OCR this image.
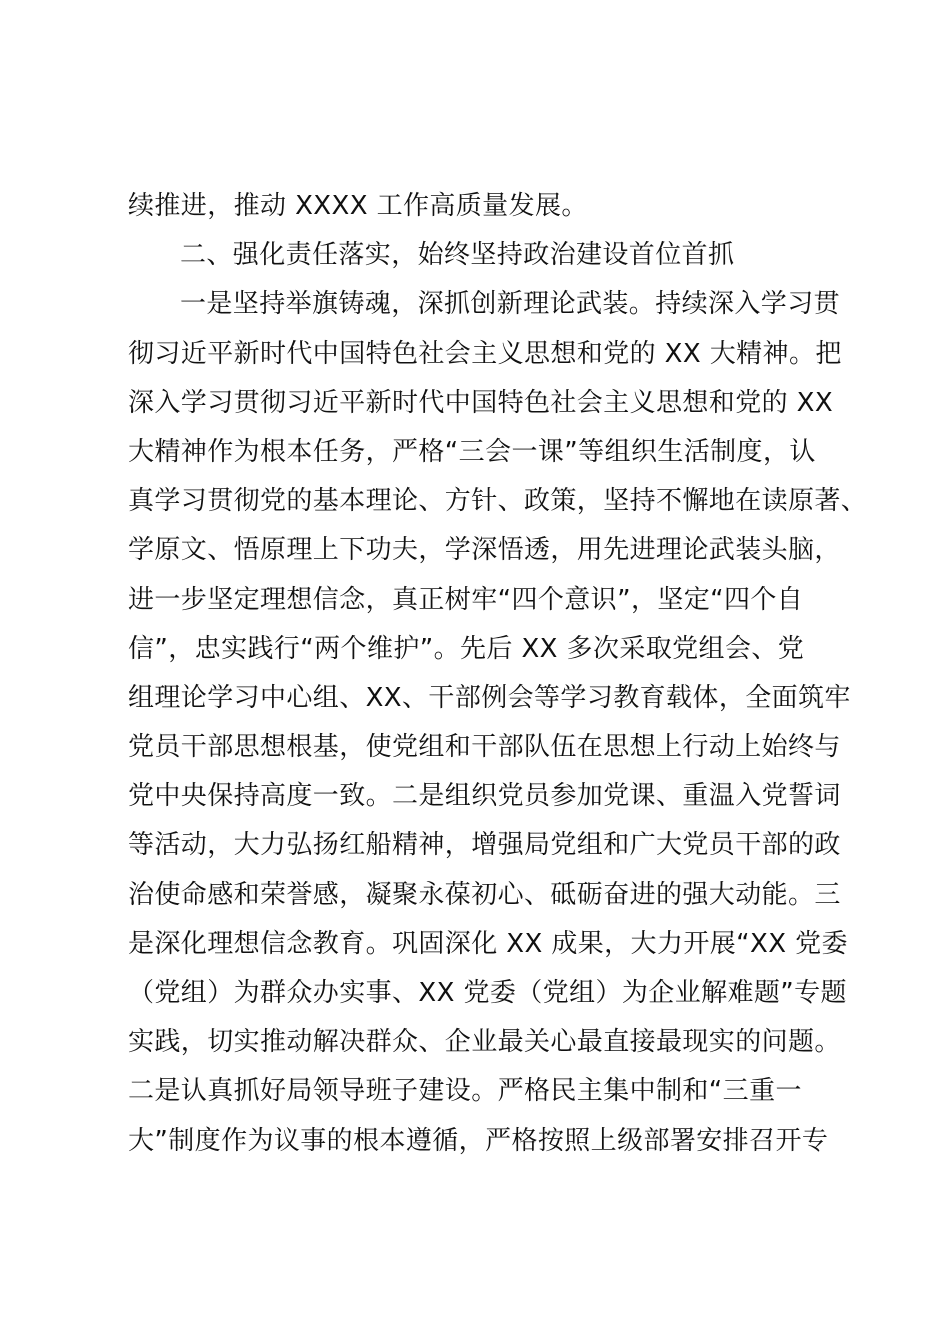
续推进，推动 XXXX 工作高质量发展。
二、强化责任落实，始终坚持政治建设首位首抓
一是坚持举旗铸魂，深抓创新理论武装。持续深入学习贯
彻习近平新时代中国特色社会主义思想和党的 XX 大精神。把
深入学习贯彻习近平新时代中国特色社会主义思想和党的 XX
大精神作为根本任务，严格“三会一课”等组织生活制度，认
真学习贯彻党的基本理论、方针、政策，坚持不懈地在读原著、
学原文、悟原理上下功夫，学深悟透，用先进理论武装头脑，
进一步坚定理想信念，真正树牢“四个意识”，坚定“四个自
信”，忠实践行“两个维护”。先后 XX 多次采取党组会、党
组理论学习中心组、XX、干部例会等学习教育载体，全面筑牢
党员干部思想根基，使党组和干部队伍在思想上行动上始终与
党中央保持高度一致。二是组织党员参加党课、重温入党誓词
等活动，大力弘扬红船精神，增强局党组和广大党员干部的政
治使命感和荣誉感，凝聚永葆初心、砥砺奋进的强大动能。三
是深化理想信念教育。巩固深化 XX 成果，大力开展“XX 党委
（党组）为群众办实事、XX 党委（党组）为企业解难题”专题
实践，切实推动解决群众、企业最关心最直接最现实的问题。
二是认真抓好局领导班子建设。严格民主集中制和“三重一
大”制度作为议事的根本遵循，严格按照上级部署安排召开专
